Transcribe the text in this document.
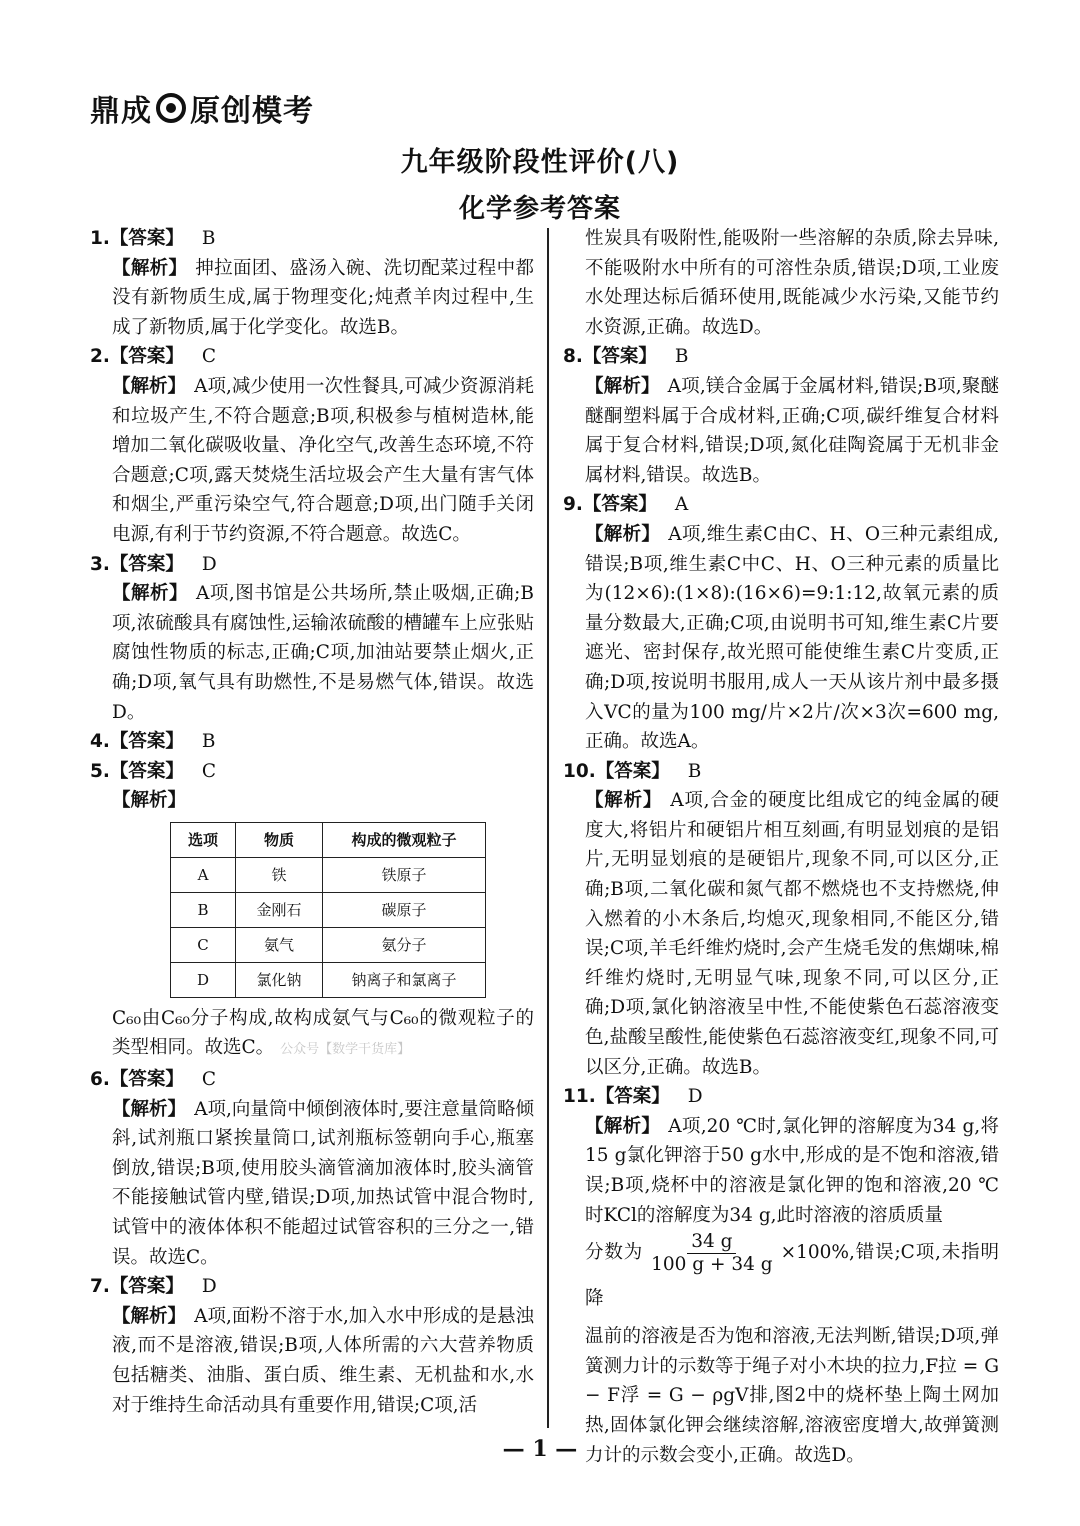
鼎成 原创模考
九年级阶段性评价(八)
化学参考答案
1. 【答案】 B
【解析】 抻拉面团、盛汤入碗、洗切配菜过程中都没有新物质生成,属于物理变化;炖煮羊肉过程中,生成了新物质,属于化学变化。故选B。
2. 【答案】 C
【解析】 A项,减少使用一次性餐具,可减少资源消耗和垃圾产生,不符合题意;B项,积极参与植树造林,能增加二氧化碳吸收量、净化空气,改善生态环境,不符合题意;C项,露天焚烧生活垃圾会产生大量有害气体和烟尘,严重污染空气,符合题意;D项,出门随手关闭电源,有利于节约资源,不符合题意。故选C。
3. 【答案】 D
【解析】 A项,图书馆是公共场所,禁止吸烟,正确;B项,浓硫酸具有腐蚀性,运输浓硫酸的槽罐车上应张贴腐蚀性物质的标志,正确;C项,加油站要禁止烟火,正确;D项,氧气具有助燃性,不是易燃气体,错误。故选D。
4. 【答案】 B
5. 【答案】 C
【解析】
选项	物质	构成的微观粒子
A	铁	铁原子
B	金刚石	碳原子
C	氨气	氨分子
D	氯化钠	钠离子和氯离子
C₆₀由C₆₀分子构成,故构成氨气与C₆₀的微观粒子的类型相同。故选C。 公众号【数学干货库】
6. 【答案】 C
【解析】 A项,向量筒中倾倒液体时,要注意量筒略倾斜,试剂瓶口紧挨量筒口,试剂瓶标签朝向手心,瓶塞倒放,错误;B项,使用胶头滴管滴加液体时,胶头滴管不能接触试管内壁,错误;D项,加热试管中混合物时,试管中的液体体积不能超过试管容积的三分之一,错误。故选C。
7. 【答案】 D
【解析】 A项,面粉不溶于水,加入水中形成的是悬浊液,而不是溶液,错误;B项,人体所需的六大营养物质包括糖类、油脂、蛋白质、维生素、无机盐和水,水对于维持生命活动具有重要作用,错误;C项,活
性炭具有吸附性,能吸附一些溶解的杂质,除去异味,不能吸附水中所有的可溶性杂质,错误;D项,工业废水处理达标后循环使用,既能减少水污染,又能节约水资源,正确。故选D。
8. 【答案】 B
【解析】 A项,镁合金属于金属材料,错误;B项,聚醚醚酮塑料属于合成材料,正确;C项,碳纤维复合材料属于复合材料,错误;D项,氮化硅陶瓷属于无机非金属材料,错误。故选B。
9. 【答案】 A
【解析】 A项,维生素C由C、H、O三种元素组成,错误;B项,维生素C中C、H、O三种元素的质量比为(12×6):(1×8):(16×6)=9:1:12,故氧元素的质量分数最大,正确;C项,由说明书可知,维生素C片要遮光、密封保存,故光照可能使维生素C片变质,正确;D项,按说明书服用,成人一天从该片剂中最多摄入VC的量为100 mg/片×2片/次×3次=600 mg,正确。故选A。
10. 【答案】 B
【解析】 A项,合金的硬度比组成它的纯金属的硬度大,将铝片和硬铝片相互刻画,有明显划痕的是铝片,无明显划痕的是硬铝片,现象不同,可以区分,正确;B项,二氧化碳和氮气都不燃烧也不支持燃烧,伸入燃着的小木条后,均熄灭,现象相同,不能区分,错误;C项,羊毛纤维灼烧时,会产生烧毛发的焦煳味,棉纤维灼烧时,无明显气味,现象不同,可以区分,正确;D项,氯化钠溶液呈中性,不能使紫色石蕊溶液变色,盐酸呈酸性,能使紫色石蕊溶液变红,现象不同,可以区分,正确。故选B。
11. 【答案】 D
【解析】 A项,20 ℃时,氯化钾的溶解度为34 g,将15 g氯化钾溶于50 g水中,形成的是不饱和溶液,错误;B项,烧杯中的溶液是氯化钾的饱和溶液,20 ℃时KCl的溶解度为34 g,此时溶液的溶质质量
分数为 $\frac{34 g}{100 g + 34 g} \times 100\%$,错误;C项,未指明降
温前的溶液是否为饱和溶液,无法判断,错误;D项,弹簧测力计的示数等于绳子对小木块的拉力,F拉 = G − F浮 = G − ρgV排,图2中的烧杯垫上陶土网加热,固体氯化钾会继续溶解,溶液密度增大,故弹簧测力计的示数会变小,正确。故选D。
— 1 —
